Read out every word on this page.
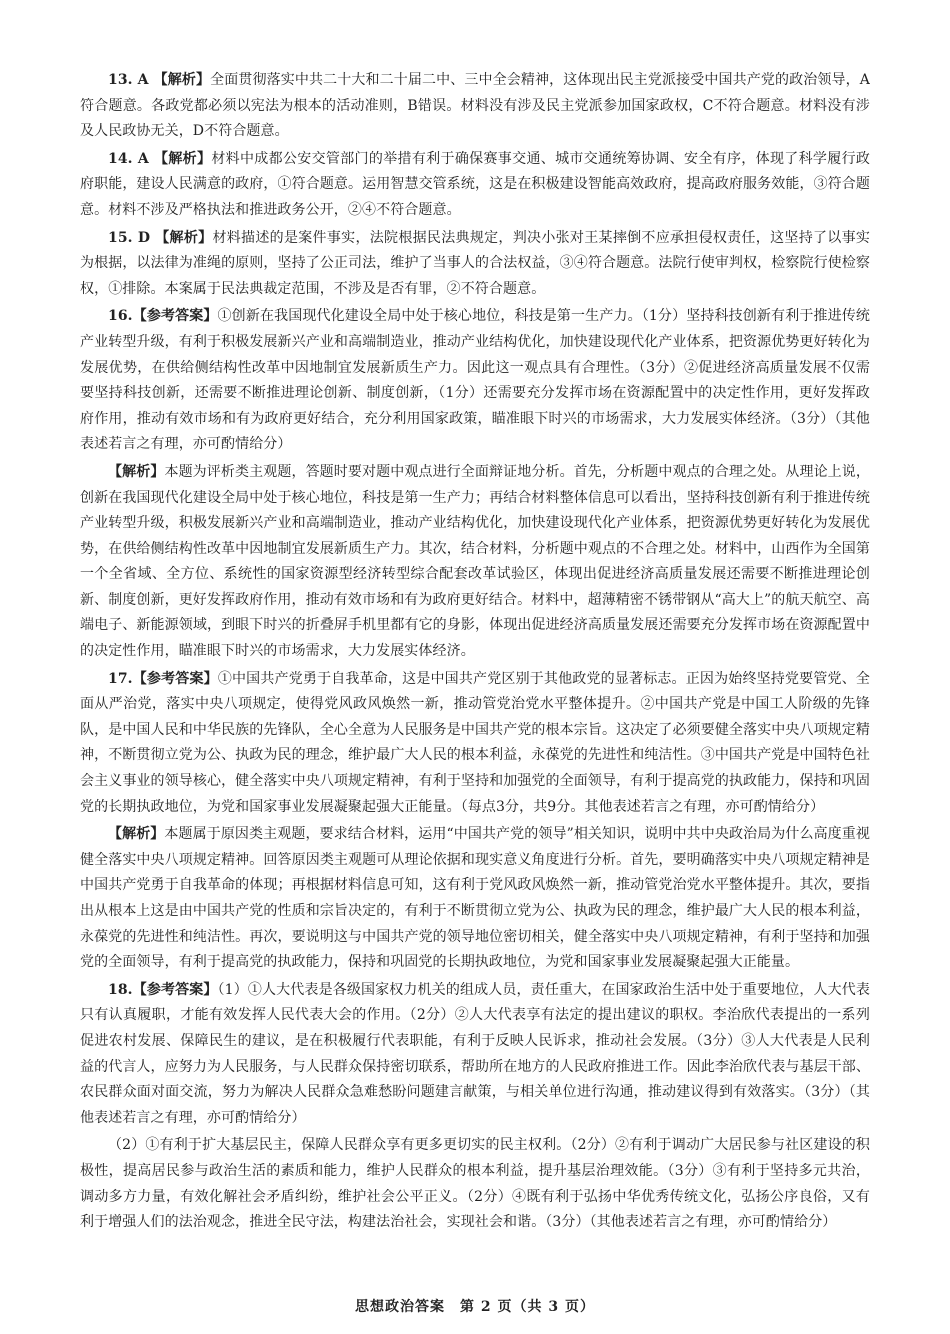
13. A 【解析】全面贯彻落实中共二十大和二十届二中、三中全会精神，这体现出民主党派接受中国共产党的政治领导，A符合题意。各政党都必须以宪法为根本的活动准则，B错误。材料没有涉及民主党派参加国家政权，C不符合题意。材料没有涉及人民政协无关，D不符合题意。

14. A 【解析】材料中成都公安交管部门的举措有利于确保赛事交通、城市交通统筹协调、安全有序，体现了科学履行政府职能，建设人民满意的政府，①符合题意。运用智慧交管系统，这是在积极建设智能高效政府，提高政府服务效能，③符合题意。材料不涉及严格执法和推进政务公开，②④不符合题意。

15. D 【解析】材料描述的是案件事实，法院根据民法典规定，判决小张对王某摔倒不应承担侵权责任，这坚持了以事实为根据，以法律为准绳的原则，坚持了公正司法，维护了当事人的合法权益，③④符合题意。法院行使审判权，检察院行使检察权，①排除。本案属于民法典裁定范围，不涉及是否有罪，②不符合题意。

16.【参考答案】①创新在我国现代化建设全局中处于核心地位，科技是第一生产力。（1分）坚持科技创新有利于推进传统产业转型升级，有利于积极发展新兴产业和高端制造业，推动产业结构优化，加快建设现代化产业体系，把资源优势更好转化为发展优势，在供给侧结构性改革中因地制宜发展新质生产力。因此这一观点具有合理性。（3分）②促进经济高质量发展不仅需要坚持科技创新，还需要不断推进理论创新、制度创新，（1分）还需要充分发挥市场在资源配置中的决定性作用，更好发挥政府作用，推动有效市场和有为政府更好结合，充分利用国家政策，瞄准眼下时兴的市场需求，大力发展实体经济。（3分）（其他表述若言之有理，亦可酌情给分）

【解析】本题为评析类主观题，答题时要对题中观点进行全面辩证地分析。首先，分析题中观点的合理之处。从理论上说，创新在我国现代化建设全局中处于核心地位，科技是第一生产力；再结合材料整体信息可以看出，坚持科技创新有利于推进传统产业转型升级，积极发展新兴产业和高端制造业，推动产业结构优化，加快建设现代化产业体系，把资源优势更好转化为发展优势，在供给侧结构性改革中因地制宜发展新质生产力。其次，结合材料，分析题中观点的不合理之处。材料中，山西作为全国第一个全省域、全方位、系统性的国家资源型经济转型综合配套改革试验区，体现出促进经济高质量发展还需要不断推进理论创新、制度创新，更好发挥政府作用，推动有效市场和有为政府更好结合。材料中，超薄精密不锈带钢从“高大上”的航天航空、高端电子、新能源领域，到眼下时兴的折叠屏手机里都有它的身影，体现出促进经济高质量发展还需要充分发挥市场在资源配置中的决定性作用，瞄准眼下时兴的市场需求，大力发展实体经济。

17.【参考答案】①中国共产党勇于自我革命，这是中国共产党区别于其他政党的显著标志。正因为始终坚持党要管党、全面从严治党，落实中央八项规定，使得党风政风焕然一新，推动管党治党水平整体提升。②中国共产党是中国工人阶级的先锋队，是中国人民和中华民族的先锋队，全心全意为人民服务是中国共产党的根本宗旨。这决定了必须要健全落实中央八项规定精神，不断贯彻立党为公、执政为民的理念，维护最广大人民的根本利益，永葆党的先进性和纯洁性。③中国共产党是中国特色社会主义事业的领导核心，健全落实中央八项规定精神，有利于坚持和加强党的全面领导，有利于提高党的执政能力，保持和巩固党的长期执政地位，为党和国家事业发展凝聚起强大正能量。（每点3分，共9分。其他表述若言之有理，亦可酌情给分）

【解析】本题属于原因类主观题，要求结合材料，运用“中国共产党的领导”相关知识，说明中共中央政治局为什么高度重视健全落实中央八项规定精神。回答原因类主观题可从理论依据和现实意义角度进行分析。首先，要明确落实中央八项规定精神是中国共产党勇于自我革命的体现；再根据材料信息可知，这有利于党风政风焕然一新，推动管党治党水平整体提升。其次，要指出从根本上这是由中国共产党的性质和宗旨决定的，有利于不断贯彻立党为公、执政为民的理念，维护最广大人民的根本利益，永葆党的先进性和纯洁性。再次，要说明这与中国共产党的领导地位密切相关，健全落实中央八项规定精神，有利于坚持和加强党的全面领导，有利于提高党的执政能力，保持和巩固党的长期执政地位，为党和国家事业发展凝聚起强大正能量。

18.【参考答案】（1）①人大代表是各级国家权力机关的组成人员，责任重大，在国家政治生活中处于重要地位，人大代表只有认真履职，才能有效发挥人民代表大会的作用。（2分）②人大代表享有法定的提出建议的职权。李治欣代表提出的一系列促进农村发展、保障民生的建议，是在积极履行代表职能，有利于反映人民诉求，推动社会发展。（3分）③人大代表是人民利益的代言人，应努力为人民服务，与人民群众保持密切联系，帮助所在地方的人民政府推进工作。因此李治欣代表与基层干部、农民群众面对面交流，努力为解决人民群众急难愁盼问题建言献策，与相关单位进行沟通，推动建议得到有效落实。（3分）（其他表述若言之有理，亦可酌情给分）

（2）①有利于扩大基层民主，保障人民群众享有更多更切实的民主权利。（2分）②有利于调动广大居民参与社区建设的积极性，提高居民参与政治生活的素质和能力，维护人民群众的根本利益，提升基层治理效能。（3分）③有利于坚持多元共治，调动多方力量，有效化解社会矛盾纠纷，维护社会公平正义。（2分）④既有利于弘扬中华优秀传统文化，弘扬公序良俗，又有利于增强人们的法治观念，推进全民守法，构建法治社会，实现社会和谐。（3分）（其他表述若言之有理，亦可酌情给分）

思想政治答案　第 2 页（共 3 页）
